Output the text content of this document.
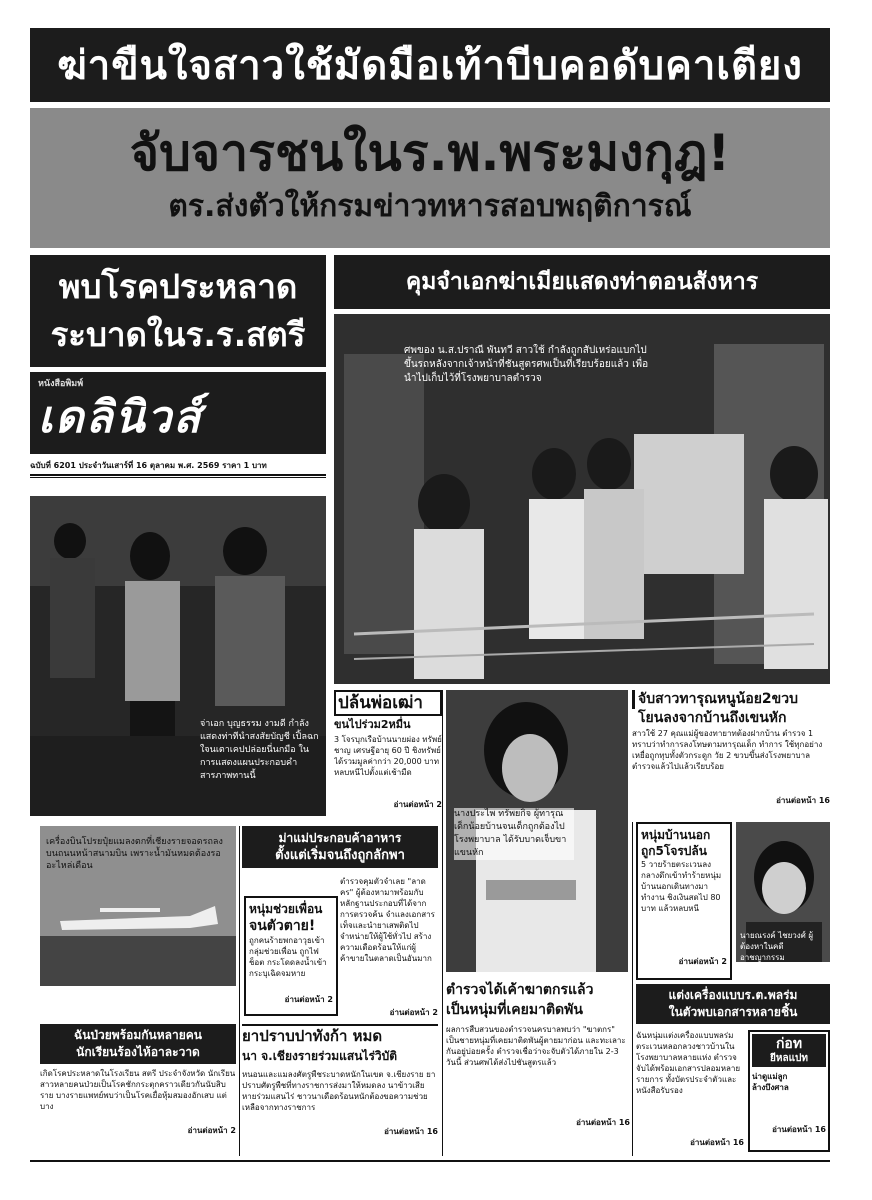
ฆ่าขืนใจสาวใช้มัดมือเท้าบีบคอดับคาเตียง
จับจารชนในร.พ.พระมงกุฎ!
ตร.ส่งตัวให้กรมข่าวทหารสอบพฤติการณ์
พบโรคประหลาด
ระบาดในร.ร.สตรี
หนังสือพิมพ์
เดลินิวส์
ฉบับที่ 6201 ประจำวันเสาร์ที่ 16 ตุลาคม พ.ศ. 2569 ราคา 1 บาท
คุมจำเอกฆ่าเมียแสดงท่าตอนสังหาร
ศพของ น.ส.ปราณี พันทวี สาวใช้ กำลังถูกสัปเหร่อแบกไปขึ้นรถหลังจากเจ้าหน้าที่ชันสูตรศพเป็นที่เรียบร้อยแล้ว เพื่อนำไปเก็บไว้ที่โรงพยาบาลตำรวจ
จ่าเอก บุญธรรม งามดี กำลังแสดงท่าทีนำสงสัยบัญชี เปิ้ลฉกใจนเตาเคปปล่อยนี่นกมือ ในการแสดงแผนประกอบคำสารภาพทานนี้
ปล้นพ่อเฒ่า
ขนไปร่วม2หมื่น
3 โจรบุกเรือบ้านนายผ่อง ทรัพย์ชาญ เศรษฐีอายุ 60 ปี ชิงทรัพย์ได้รวมมูลค่ากว่า 20,000 บาท หลบหนีไปตั้งแต่เช้ามืด
อ่านต่อหน้า 2
นางประไพ ทรัพยกิจ ผู้ทารุณเด็กน้อยบ้านจนเด็กถูกต้องไปโรงพยาบาล ได้รับบาดเจ็บขาแขนหัก
จับสาวทารุณหนูน้อย2ขวบ
โยนลงจากบ้านถึงเขนหัก
สาวใช้ 27 คุณแม่ผู้ของทายาทต้องฝากบ้าน ตำรวจ 1 ทราบว่าทำการลงโทษตามทารุณเด็ก ทำการ ใช้ทุกอย่าง เหยื่อถูกทุบทั้งตัวกระดูก วัย 2 ขวบขึ้นส่งโรงพยาบาลตำรวจแล้วไปแล้วเรียบร้อย
อ่านต่อหน้า 16
หนุ่มบ้านนอก
ถูก5โจรปล้น
5 วายร้ายตระเวนลงกลางดึกเข้าทำร้ายหนุ่มบ้านนอกเดินทางมาทำงาน ชิงเงินสดไป 80 บาท แล้วหลบหนี
อ่านต่อหน้า 2
นายณรงค์ ไชยวงศ์ ผู้ต้องหาในคดีอาชญากรรม
เครื่องบินโปรยปุ๋ยแมลงตกที่เชียงรายจอดรถลงบนถนนหน้าสนามบิน เพราะน้ำมันหมดต้องรออะไหล่เดือน
ม่าแม่ประกอบค้าอาหาร
ตั้งแต่เริ่มจนถึงถูกลักพา
ตำรวจคุมตัวจำเลย "ลาดคร" ผู้ต้องหามาพร้อมกับหลักฐานประกอบที่ได้จากการตรวจค้น จำแลงเอกสารเท็จและนำยาเสพติดไปจำหน่ายให้ผู้ใช้ทั่วไป สร้างความเดือดร้อนให้แก่ผู้ค้าขายในตลาดเป็นอันมาก
อ่านต่อหน้า 2
หนุ่มช่วยเพื่อน
จนตัวตาย!
ถูกคนร้ายพกอาวุธเข้ากลุ่มช่วยเพื่อน ถูกไฟช็อต กระโดดลงน้ำเข้ากระบุเฉิดจมหาย
อ่านต่อหน้า 2
ตำรวจได้เค้าฆาตกรแล้ว
เป็นหนุ่มที่เคยมาติดพัน
ผลการสืบสวนของตำรวจนครบาลพบว่า "ฆาตกร" เป็นชายหนุ่มที่เคยมาติดพันผู้ตายมาก่อน และทะเลาะกันอยู่บ่อยครั้ง ตำรวจเชื่อว่าจะจับตัวได้ภายใน 2-3 วันนี้ ส่วนศพได้ส่งไปชันสูตรแล้ว
อ่านต่อหน้า 16
แต่งเครื่องแบบร.ต.พลร่ม
ในตัวพบเอกสารหลายชิ้น
ฉันหนุ่มแต่งเครื่องแบบพลร่ม ตระเวนหลอกลวงชาวบ้านในโรงพยาบาลหลายแห่ง ตำรวจจับได้พร้อมเอกสารปลอมหลายรายการ ทั้งบัตรประจำตัวและหนังสือรับรอง
อ่านต่อหน้า 16
ก่อท
ยีหลแปท
น่าดูแม่ลูก
ล้างบึงศาล
อ่านต่อหน้า 16
ฉันป่วยพร้อมกันหลายคน
นักเรียนร้องไห้อาละวาด
เกิดโรคประหลาดในโรงเรียน สตรี ประจำจังหวัด นักเรียนสาวหลายคนป่วยเป็นโรคชักกระตุกคราวเดียวกันนับสิบราย บางรายแพทย์พบว่าเป็นโรคเยื่อหุ้มสมองอักเสบ แต่บาง
อ่านต่อหน้า 2
ยาปราบปาทังก้า หมด
นา จ.เชียงรายร่วมแสนไร่วิบัติ
หนอนและแมลงศัตรูพืชระบาดหนักในเขต จ.เชียงราย ยาปราบศัตรูพืชที่ทางราชการส่งมาให้หมดลง นาข้าวเสียหายร่วมแสนไร่ ชาวนาเดือดร้อนหนักต้องขอความช่วยเหลือจากทางราชการ
อ่านต่อหน้า 16
